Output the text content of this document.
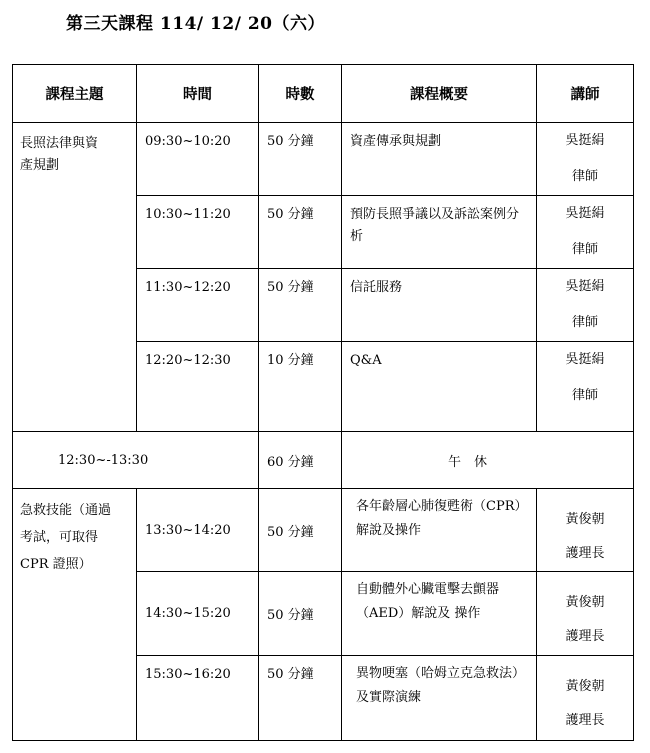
第三天課程 114/ 12/ 20（六）
課程主題	時間	時數	課程概要	講師

長照法律與資產規劃	09:30~10:20	50 分鐘	資產傳承與規劃	吳挺絹
律師

	10:30~11:20	50 分鐘	預防長照爭議以及訴訟案例分析	吳挺絹
律師

	11:30~12:20	50 分鐘	信託服務	吳挺絹
律師

	12:20~12:30	10 分鐘	Q&A	吳挺絹
律師

12:30~-13:30		60 分鐘	午　休	

急救技能（通過考試，可取得 CPR 證照）	13:30~14:20	50 分鐘	各年齡層心肺復甦術（CPR）解說及操作	黃俊朝
護理長

	14:30~15:20	50 分鐘	自動體外心臟電擊去顫器（AED）解說及 操作	黃俊朝
護理長

	15:30~16:20	50 分鐘	異物哽塞（哈姆立克急救法）及實際演練	黃俊朝
護理長
